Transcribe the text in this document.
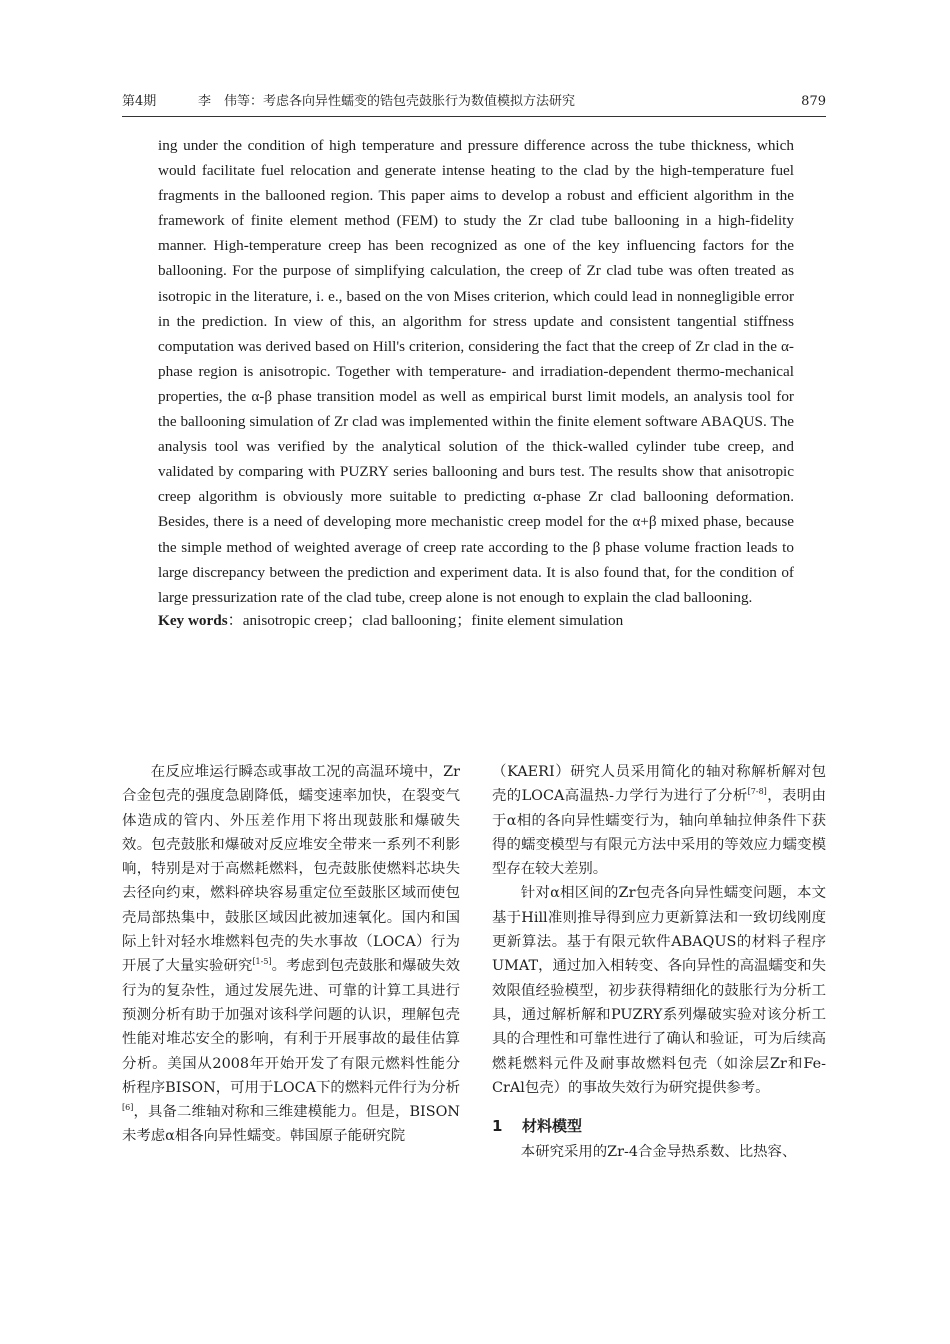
第4期	李　伟等：考虑各向异性蠕变的锆包壳鼓胀行为数值模拟方法研究	879

ing under the condition of high temperature and pressure difference across the tube thickness, which would facilitate fuel relocation and generate intense heating to the clad by the high-temperature fuel fragments in the ballooned region. This paper aims to develop a robust and efficient algorithm in the framework of finite element method (FEM) to study the Zr clad tube ballooning in a high-fidelity manner. High-temperature creep has been recognized as one of the key influencing factors for the ballooning. For the purpose of simplifying calculation, the creep of Zr clad tube was often treated as isotropic in the literature, i. e., based on the von Mises criterion, which could lead in nonnegligible error in the prediction. In view of this, an algorithm for stress update and consistent tangential stiffness computation was derived based on Hill's criterion, considering the fact that the creep of Zr clad in the α-phase region is anisotropic. Together with temperature- and irradiation-dependent thermo-mechanical properties, the α-β phase transition model as well as empirical burst limit models, an analysis tool for the ballooning simulation of Zr clad was implemented within the finite element software ABAQUS. The analysis tool was verified by the analytical solution of the thick-walled cylinder tube creep, and validated by comparing with PUZRY series ballooning and burs test. The results show that anisotropic creep algorithm is obviously more suitable to predicting α-phase Zr clad ballooning deformation. Besides, there is a need of developing more mechanistic creep model for the α+β mixed phase, because the simple method of weighted average of creep rate according to the β phase volume fraction leads to large discrepancy between the prediction and experiment data. It is also found that, for the condition of large pressurization rate of the clad tube, creep alone is not enough to explain the clad ballooning.

Key words：anisotropic creep；clad ballooning；finite element simulation

在反应堆运行瞬态或事故工况的高温环境中，Zr合金包壳的强度急剧降低，蠕变速率加快，在裂变气体造成的管内、外压差作用下将出现鼓胀和爆破失效。包壳鼓胀和爆破对反应堆安全带来一系列不利影响，特别是对于高燃耗燃料，包壳鼓胀使燃料芯块失去径向约束，燃料碎块容易重定位至鼓胀区域而使包壳局部热集中，鼓胀区域因此被加速氧化。国内和国际上针对轻水堆燃料包壳的失水事故（LOCA）行为开展了大量实验研究[1-5]。考虑到包壳鼓胀和爆破失效行为的复杂性，通过发展先进、可靠的计算工具进行预测分析有助于加强对该科学问题的认识，理解包壳性能对堆芯安全的影响，有利于开展事故的最佳估算分析。美国从2008年开始开发了有限元燃料性能分析程序BISON，可用于LOCA下的燃料元件行为分析[6]，具备二维轴对称和三维建模能力。但是，BISON未考虑α相各向异性蠕变。韩国原子能研究院

（KAERI）研究人员采用简化的轴对称解析解对包壳的LOCA高温热-力学行为进行了分析[7-8]，表明由于α相的各向异性蠕变行为，轴向单轴拉伸条件下获得的蠕变模型与有限元方法中采用的等效应力蠕变模型存在较大差别。

针对α相区间的Zr包壳各向异性蠕变问题，本文基于Hill准则推导得到应力更新算法和一致切线刚度更新算法。基于有限元软件ABAQUS的材料子程序UMAT，通过加入相转变、各向异性的高温蠕变和失效限值经验模型，初步获得精细化的鼓胀行为分析工具，通过解析解和PUZRY系列爆破实验对该分析工具的合理性和可靠性进行了确认和验证，可为后续高燃耗燃料元件及耐事故燃料包壳（如涂层Zr和Fe-CrAl包壳）的事故失效行为研究提供参考。

1 材料模型

本研究采用的Zr-4合金导热系数、比热容、
